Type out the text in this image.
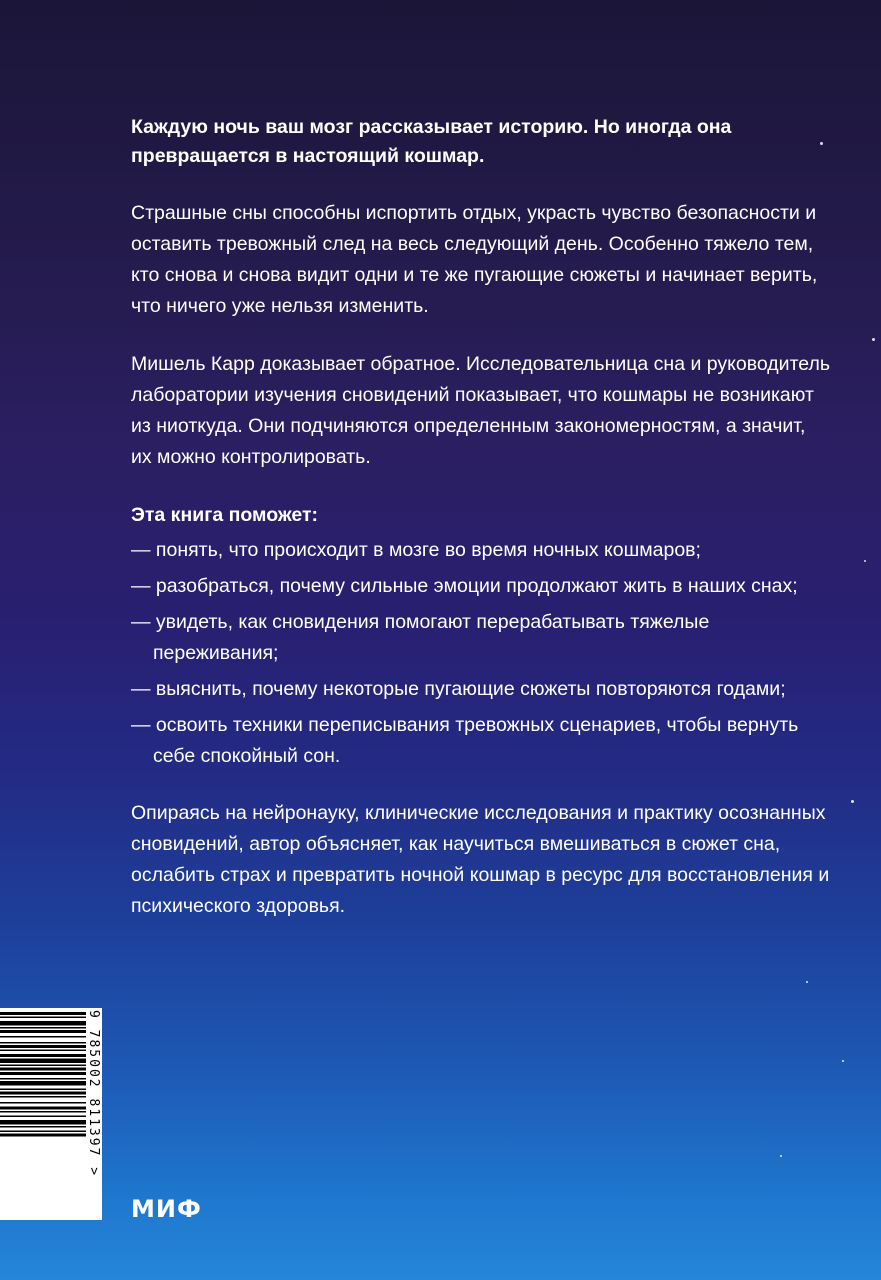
Каждую ночь ваш мозг рассказывает историю. Но иногда она превращается в настоящий кошмар.

Страшные сны способны испортить отдых, украсть чувство безопасности и оставить тревожный след на весь следующий день. Особенно тяжело тем, кто снова и снова видит одни и те же пугающие сюжеты и начинает верить, что ничего уже нельзя изменить.

Мишель Карр доказывает обратное. Исследовательница сна и руководитель лаборатории изучения сновидений показывает, что кошмары не возникают из ниоткуда. Они подчиняются определенным закономерностям, а значит, их можно контролировать.

Эта книга поможет:

— понять, что происходит в мозге во время ночных кошмаров;
— разобраться, почему сильные эмоции продолжают жить в наших снах;
— увидеть, как сновидения помогают перерабатывать тяжелые переживания;
— выяснить, почему некоторые пугающие сюжеты повторяются годами;
— освоить техники переписывания тревожных сценариев, чтобы вернуть себе спокойный сон.

Опираясь на нейронауку, клинические исследования и практику осознанных сновидений, автор объясняет, как научиться вмешиваться в сюжет сна, ослабить страх и превратить ночной кошмар в ресурс для восстановления и психического здоровья.

9 785002 811397 >
МИФ
